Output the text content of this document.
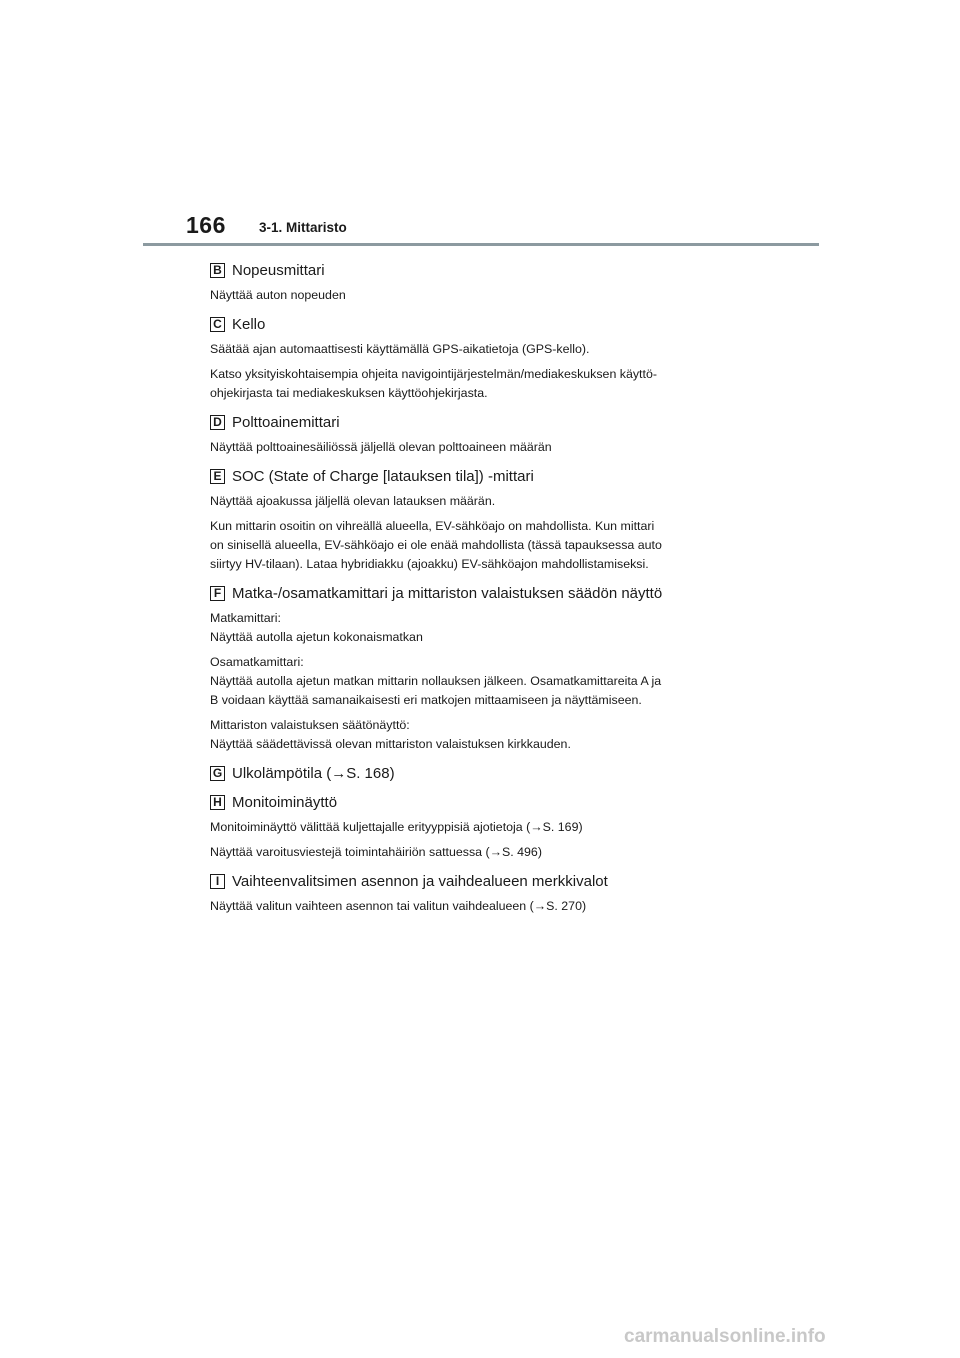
166 3-1. Mittaristo
B Nopeusmittari

Näyttää auton nopeuden

C Kello

Säätää ajan automaattisesti käyttämällä GPS-aikatietoja (GPS-kello).

Katso yksityiskohtaisempia ohjeita navigointijärjestelmän/mediakeskuksen käyttö-
ohjekirjasta tai mediakeskuksen käyttöohjekirjasta.

D Polttoainemittari

Näyttää polttoainesäiliössä jäljellä olevan polttoaineen määrän

E SOC (State of Charge [latauksen tila]) -mittari

Näyttää ajoakussa jäljellä olevan latauksen määrän.

Kun mittarin osoitin on vihreällä alueella, EV-sähköajo on mahdollista. Kun mittari
on sinisellä alueella, EV-sähköajo ei ole enää mahdollista (tässä tapauksessa auto
siirtyy HV-tilaan). Lataa hybridiakku (ajoakku) EV-sähköajon mahdollistamiseksi.

F Matka-/osamatkamittari ja mittariston valaistuksen säädön näyttö

Matkamittari:
Näyttää autolla ajetun kokonaismatkan

Osamatkamittari:
Näyttää autolla ajetun matkan mittarin nollauksen jälkeen. Osamatkamittareita A ja
B voidaan käyttää samanaikaisesti eri matkojen mittaamiseen ja näyttämiseen.

Mittariston valaistuksen säätönäyttö:
Näyttää säädettävissä olevan mittariston valaistuksen kirkkauden.

G Ulkolämpötila (→S. 168)
H Monitoiminäyttö

Monitoiminäyttö välittää kuljettajalle erityyppisiä ajotietoja (→S. 169)

Näyttää varoitusviestejä toimintahäiriön sattuessa (→S. 496)

I Vaihteenvalitsimen asennon ja vaihdealueen merkkivalot

Näyttää valitun vaihteen asennon tai valitun vaihdealueen (→S. 270)

carmanualsonline.info
